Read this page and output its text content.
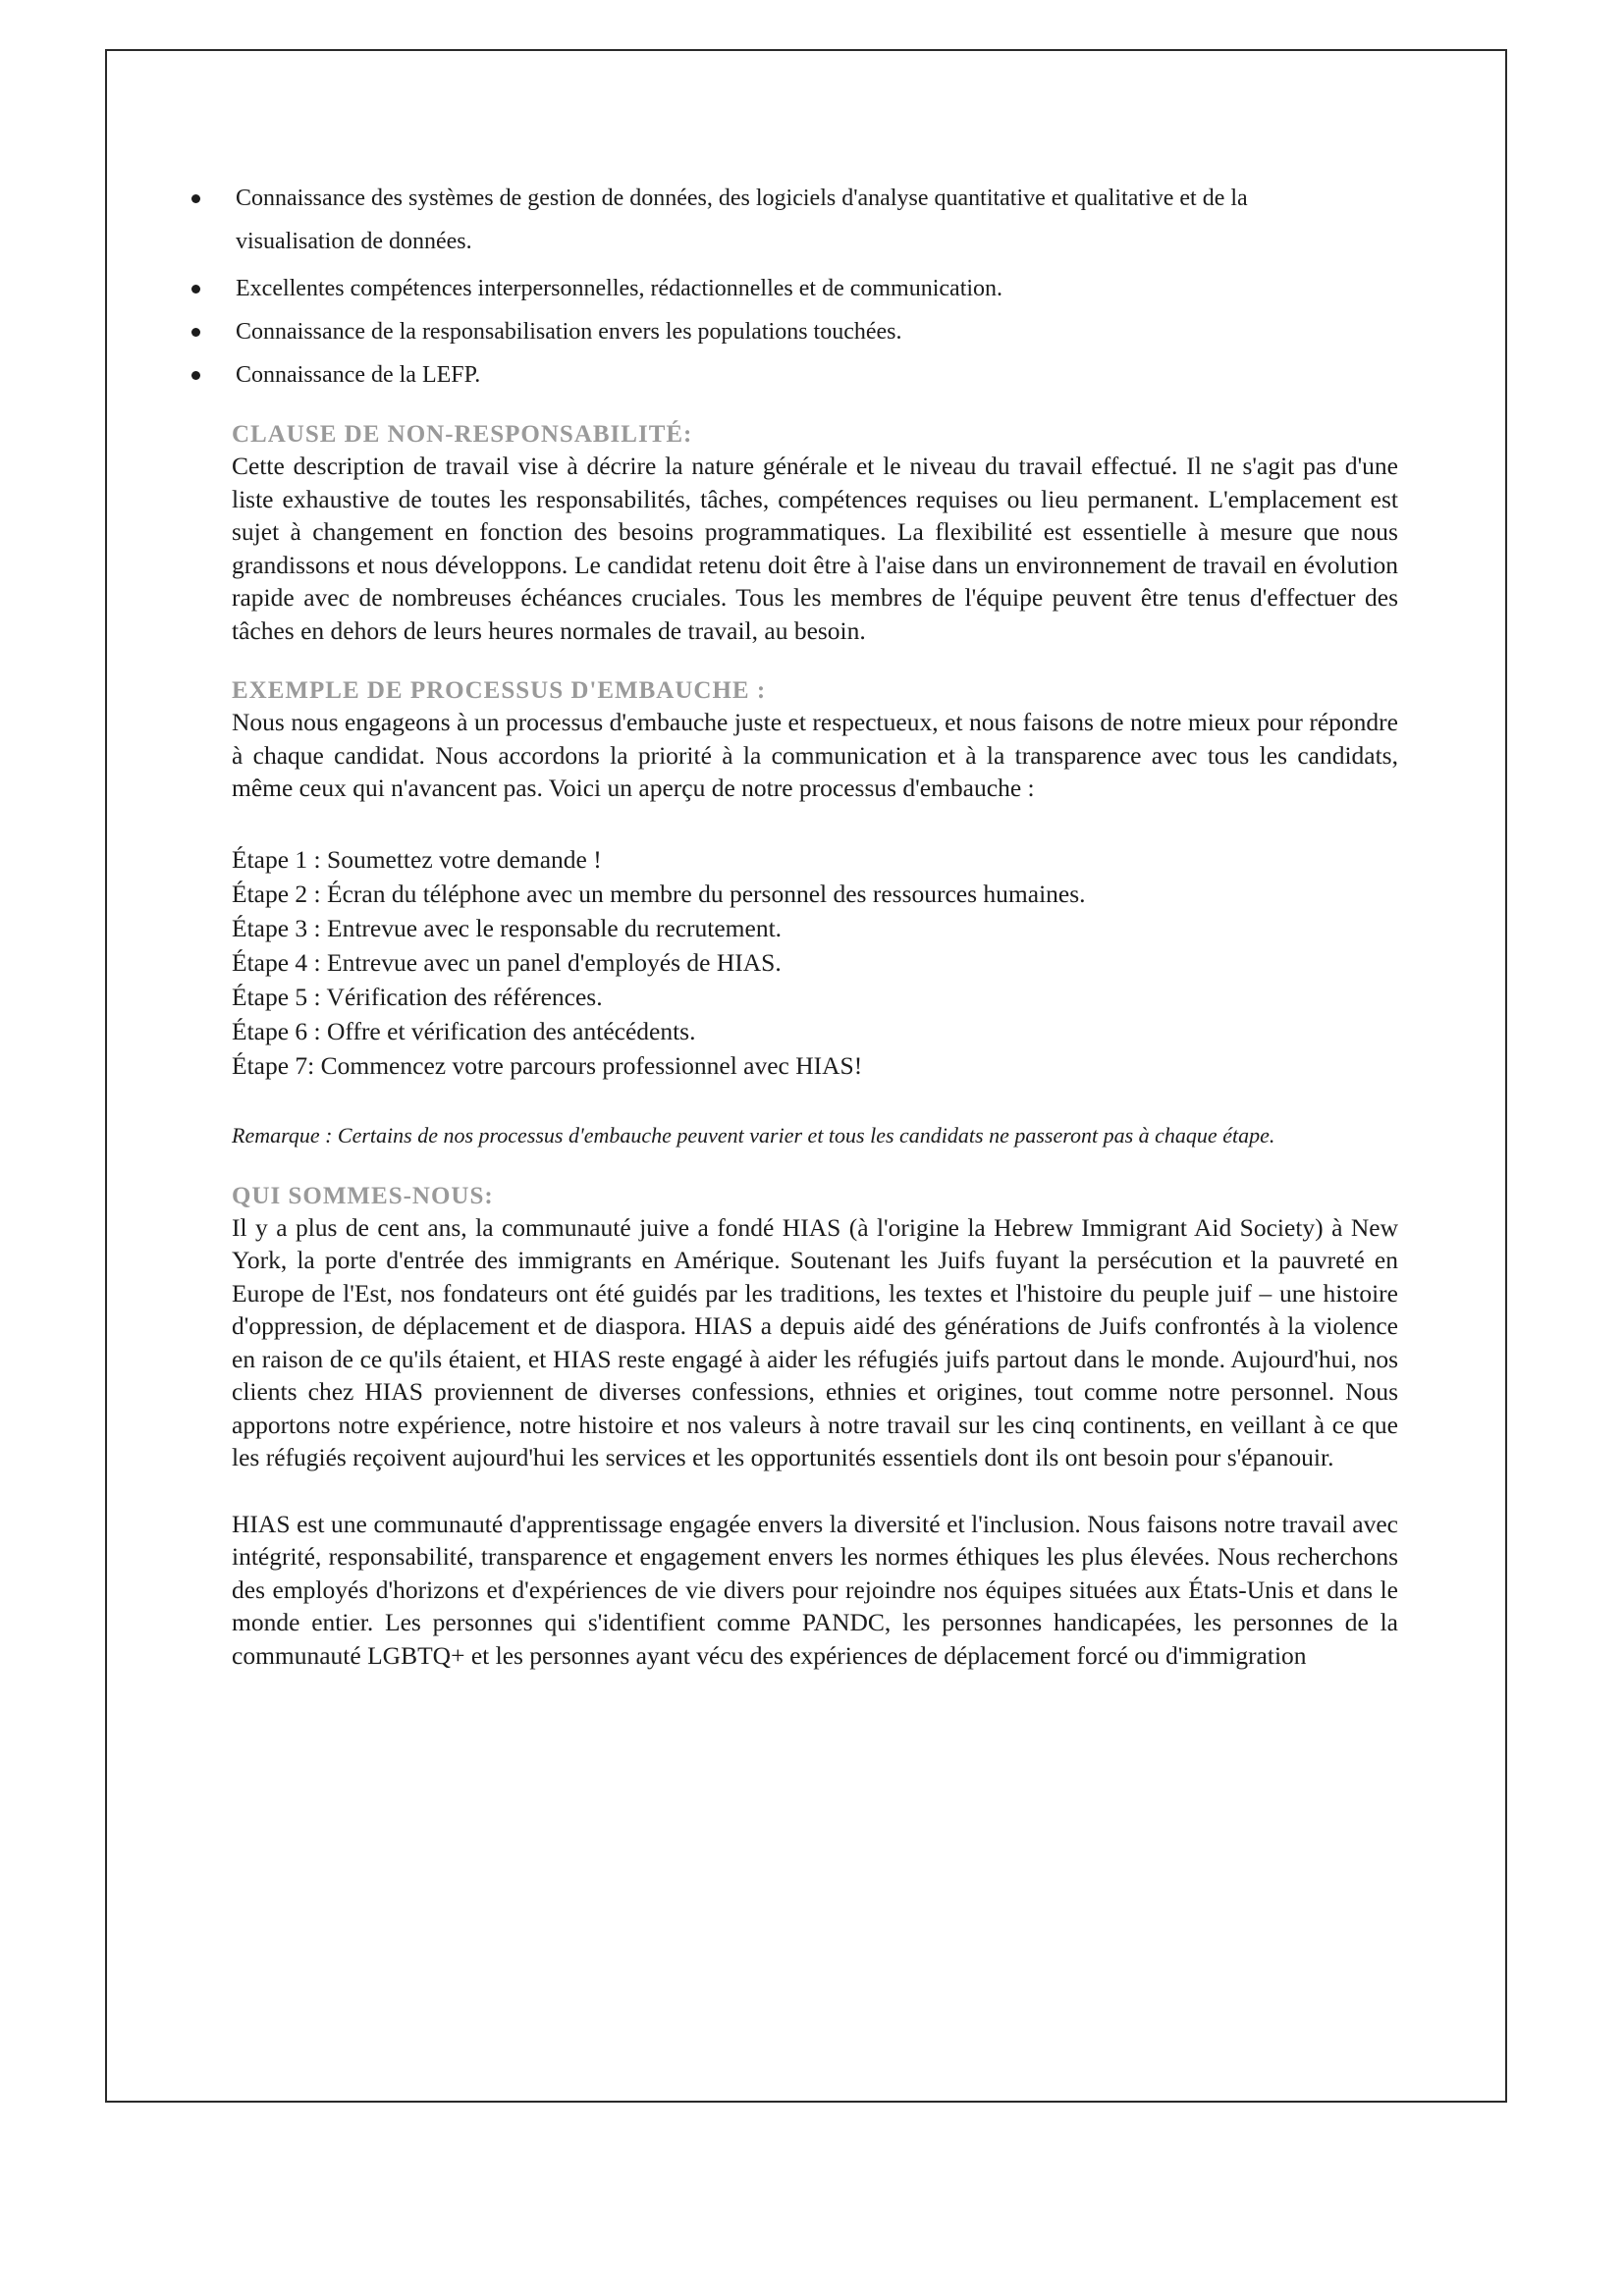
Connaissance des systèmes de gestion de données, des logiciels d'analyse quantitative et qualitative et de la visualisation de données.
Excellentes compétences interpersonnelles, rédactionnelles et de communication.
Connaissance de la responsabilisation envers les populations touchées.
Connaissance de la LEFP.
CLAUSE DE NON-RESPONSABILITÉ:

Cette description de travail vise à décrire la nature générale et le niveau du travail effectué. Il ne s'agit pas d'une liste exhaustive de toutes les responsabilités, tâches, compétences requises ou lieu permanent. L'emplacement est sujet à changement en fonction des besoins programmatiques. La flexibilité est essentielle à mesure que nous grandissons et nous développons. Le candidat retenu doit être à l'aise dans un environnement de travail en évolution rapide avec de nombreuses échéances cruciales. Tous les membres de l'équipe peuvent être tenus d'effectuer des tâches en dehors de leurs heures normales de travail, au besoin.

EXEMPLE DE PROCESSUS D'EMBAUCHE :

Nous nous engageons à un processus d'embauche juste et respectueux, et nous faisons de notre mieux pour répondre à chaque candidat. Nous accordons la priorité à la communication et à la transparence avec tous les candidats, même ceux qui n'avancent pas. Voici un aperçu de notre processus d'embauche :

Étape 1 : Soumettez votre demande !
Étape 2 : Écran du téléphone avec un membre du personnel des ressources humaines.
Étape 3 : Entrevue avec le responsable du recrutement.
Étape 4 : Entrevue avec un panel d'employés de HIAS.
Étape 5 : Vérification des références.
Étape 6 : Offre et vérification des antécédents.
Étape 7: Commencez votre parcours professionnel avec HIAS!

Remarque : Certains de nos processus d'embauche peuvent varier et tous les candidats ne passeront pas à chaque étape.

QUI SOMMES-NOUS:

Il y a plus de cent ans, la communauté juive a fondé HIAS (à l'origine la Hebrew Immigrant Aid Society) à New York, la porte d'entrée des immigrants en Amérique. Soutenant les Juifs fuyant la persécution et la pauvreté en Europe de l'Est, nos fondateurs ont été guidés par les traditions, les textes et l'histoire du peuple juif – une histoire d'oppression, de déplacement et de diaspora. HIAS a depuis aidé des générations de Juifs confrontés à la violence en raison de ce qu'ils étaient, et HIAS reste engagé à aider les réfugiés juifs partout dans le monde. Aujourd'hui, nos clients chez HIAS proviennent de diverses confessions, ethnies et origines, tout comme notre personnel. Nous apportons notre expérience, notre histoire et nos valeurs à notre travail sur les cinq continents, en veillant à ce que les réfugiés reçoivent aujourd'hui les services et les opportunités essentiels dont ils ont besoin pour s'épanouir.

HIAS est une communauté d'apprentissage engagée envers la diversité et l'inclusion. Nous faisons notre travail avec intégrité, responsabilité, transparence et engagement envers les normes éthiques les plus élevées. Nous recherchons des employés d'horizons et d'expériences de vie divers pour rejoindre nos équipes situées aux États-Unis et dans le monde entier. Les personnes qui s'identifient comme PANDC, les personnes handicapées, les personnes de la communauté LGBTQ+ et les personnes ayant vécu des expériences de déplacement forcé ou d'immigration
